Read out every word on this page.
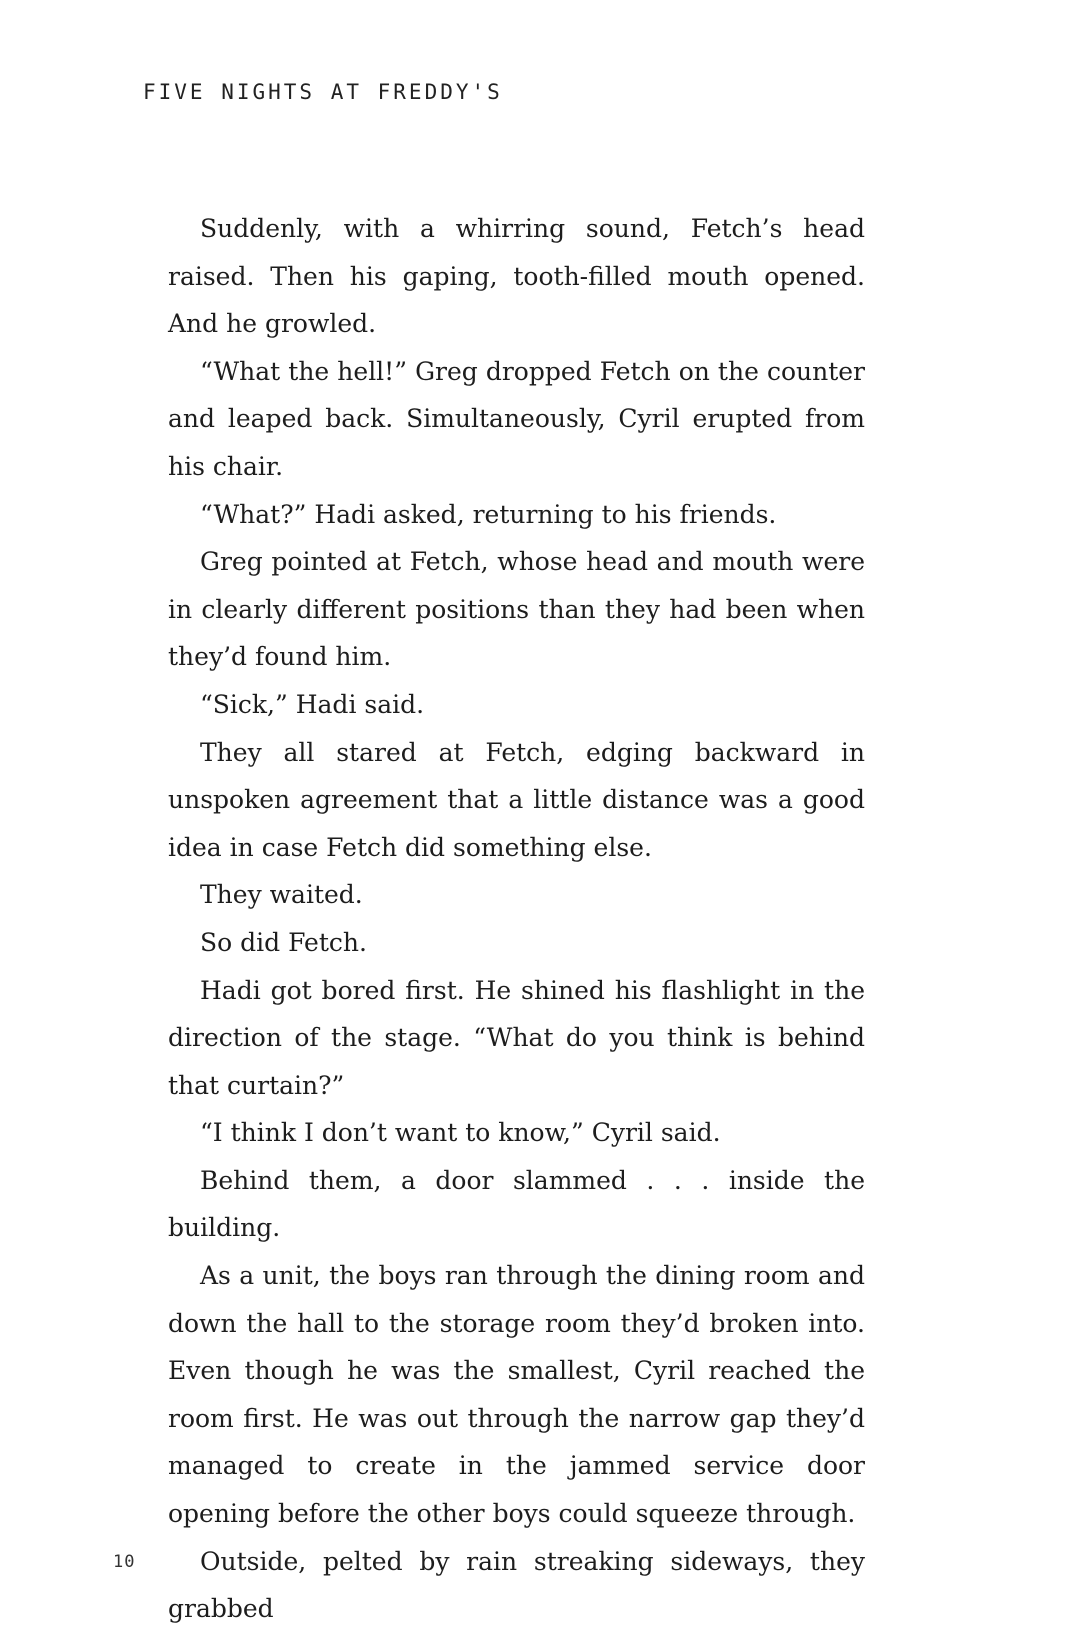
FIVE NIGHTS AT FREDDY'S

Suddenly, with a whirring sound, Fetch’s head raised. Then his gaping, tooth-filled mouth opened. And he growled.

“What the hell!” Greg dropped Fetch on the counter and leaped back. Simultaneously, Cyril erupted from his chair.

“What?” Hadi asked, returning to his friends.

Greg pointed at Fetch, whose head and mouth were in clearly different positions than they had been when they’d found him.

“Sick,” Hadi said.

They all stared at Fetch, edging backward in unspoken agreement that a little distance was a good idea in case Fetch did something else.

They waited.

So did Fetch.

Hadi got bored first. He shined his flashlight in the direction of the stage. “What do you think is behind that curtain?”

“I think I don’t want to know,” Cyril said.

Behind them, a door slammed . . . inside the building.

As a unit, the boys ran through the dining room and down the hall to the storage room they’d broken into. Even though he was the smallest, Cyril reached the room first. He was out through the narrow gap they’d managed to create in the jammed service door opening before the other boys could squeeze through.

Outside, pelted by rain streaking sideways, they grabbed

10
